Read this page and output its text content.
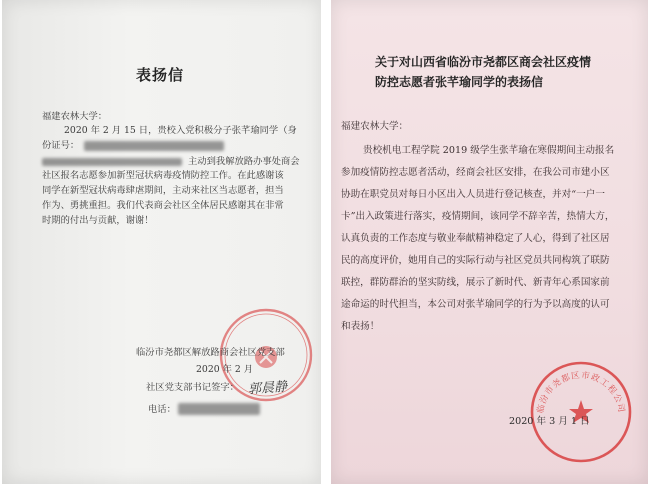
表扬信
福建农林大学：
2020 年 2 月 15 日，贵校入党积极分子张芊瑜同学（身
份证号：
主动到我解放路办事处商会
社区报名志愿参加新型冠状病毒疫情防控工作。在此感谢该
同学在新型冠状病毒肆虐期间，主动来社区当志愿者，担当
作为、勇挑重担。我们代表商会社区全体居民感谢其在非常
时期的付出与贡献，谢谢！
临汾市尧都区解放路商会社区党支部
2020 年 2 月
社区党支部书记签字： 郭晨静
电话：
关于对山西省临汾市尧都区商会社区疫情
防控志愿者张芊瑜同学的表扬信
福建农林大学：
贵校机电工程学院 2019 级学生张芊瑜在寒假期间主动报名
参加疫情防控志愿者活动，经商会社区安排，在我公司市建小区
协助在职党员对每日小区出入人员进行登记核查，并对“一户一
卡”出入政策进行落实，疫情期间，该同学不辞辛苦，热情大方，
认真负责的工作态度与敬业奉献精神稳定了人心，得到了社区居
民的高度评价，她用自己的实际行动与社区党员共同构筑了联防
联控，群防群治的坚实防线，展示了新时代、新青年心系国家前
途命运的时代担当，本公司对张芊瑜同学的行为予以高度的认可
和表扬！
临汾市尧都区市政工程公司
2020 年 3 月 1 日
